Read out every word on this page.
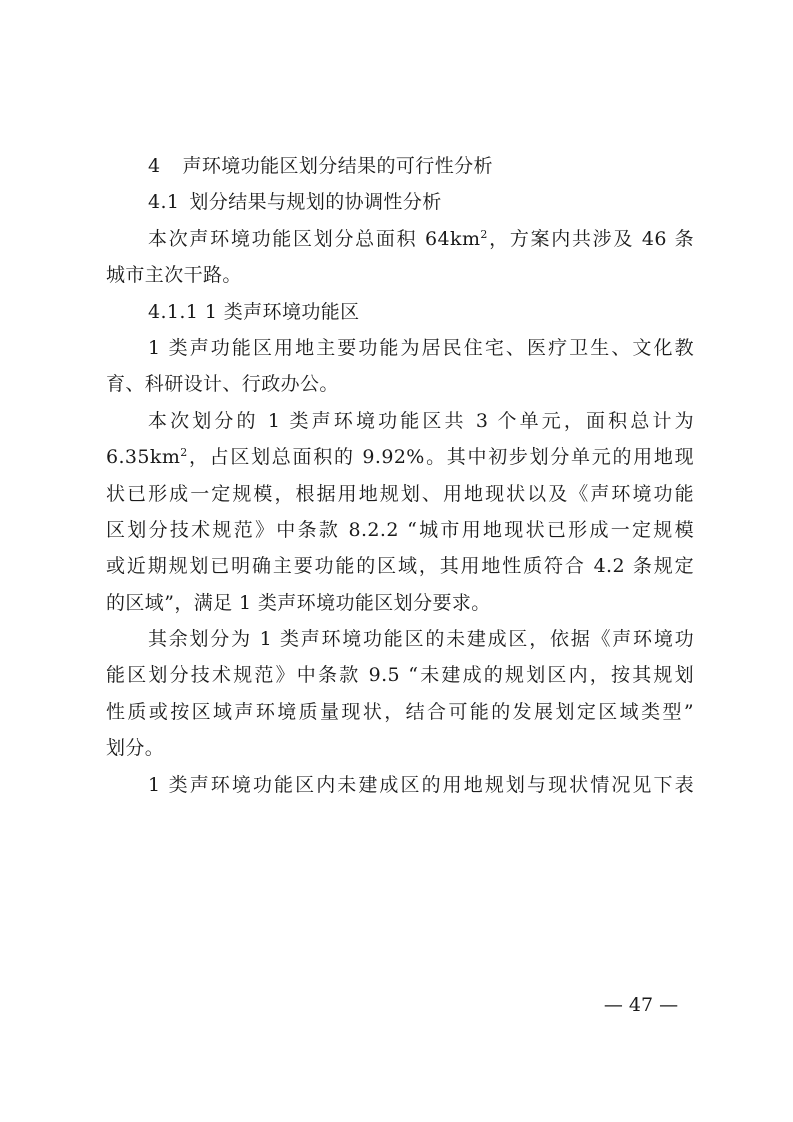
4 声环境功能区划分结果的可行性分析
4.1 划分结果与规划的协调性分析
本次声环境功能区划分总面积 $64km^2$，方案内共涉及 46 条
城市主次干路。
4.1.1 1 类声环境功能区
1 类声功能区用地主要功能为居民住宅、医疗卫生、文化教
育、科研设计、行政办公。
本次划分的 1 类声环境功能区共 3 个单元，面积总计为
$6.35km^2$，占区划总面积的 9.92%。其中初步划分单元的用地现
状已形成一定规模，根据用地规划、用地现状以及《声环境功能
区划分技术规范》中条款 8.2.2 “城市用地现状已形成一定规模
或近期规划已明确主要功能的区域，其用地性质符合 4.2 条规定
的区域”，满足 1 类声环境功能区划分要求。
其余划分为 1 类声环境功能区的未建成区，依据《声环境功
能区划分技术规范》中条款 9.5 “未建成的规划区内，按其规划
性质或按区域声环境质量现状，结合可能的发展划定区域类型”
划分。
1 类声环境功能区内未建成区的用地规划与现状情况见下表
— 47 —
